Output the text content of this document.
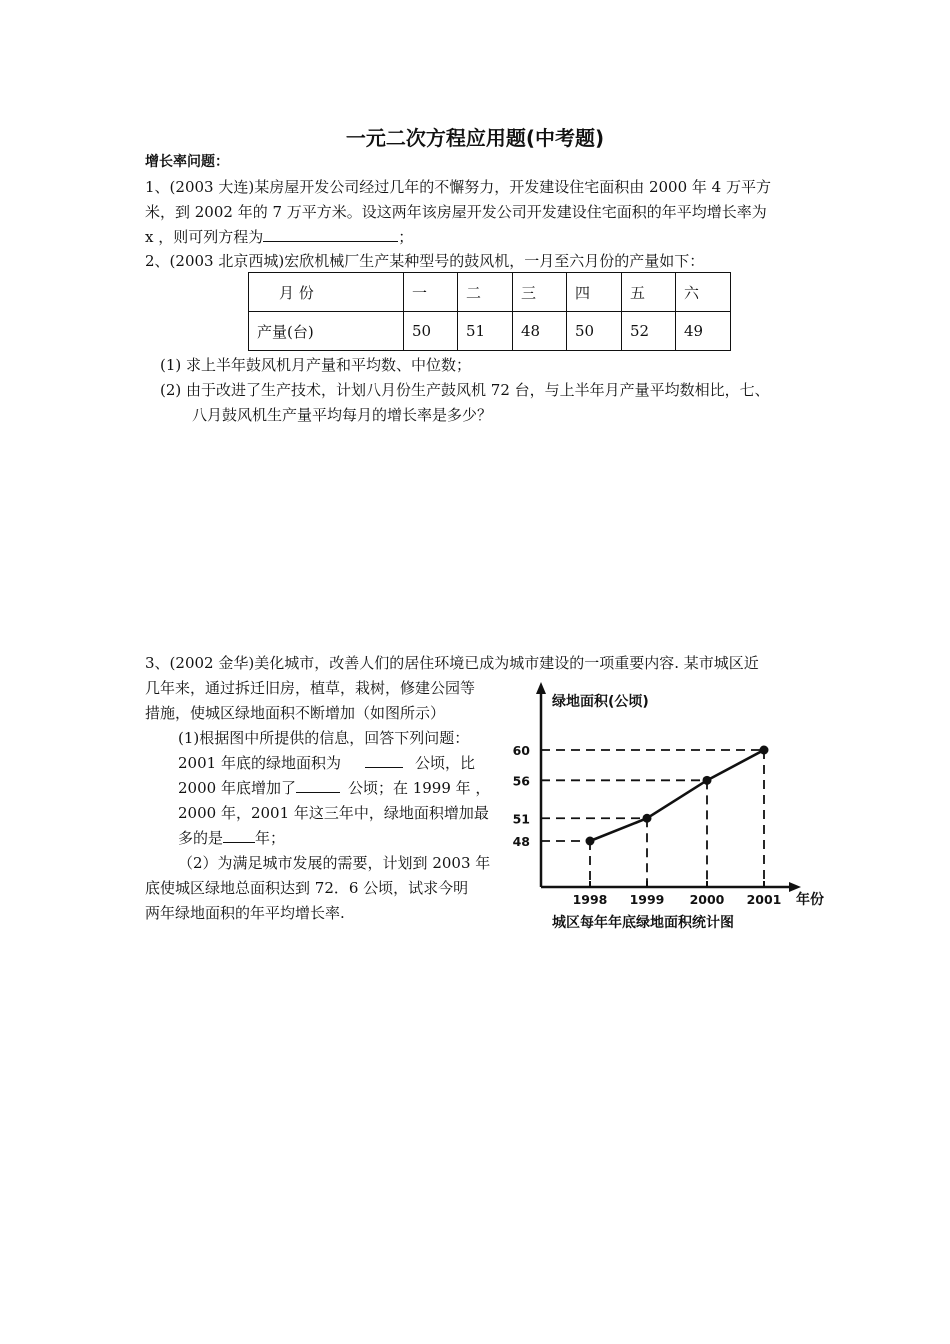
一元二次方程应用题(中考题)
增长率问题：
1、(2003 大连)某房屋开发公司经过几年的不懈努力，开发建设住宅面积由 2000 年 4 万平方
米，到 2002 年的 7 万平方米。设这两年该房屋开发公司开发建设住宅面积的年平均增长率为
x ，则可列方程为	；
2、(2003 北京西城)宏欣机械厂生产某种型号的鼓风机，一月至六月份的产量如下：
月 份	一	二	三	四	五	六
产量(台)	50	51	48	50	52	49
(1) 求上半年鼓风机月产量和平均数、中位数；
(2) 由于改进了生产技术，计划八月份生产鼓风机 72 台，与上半年月产量平均数相比，七、
八月鼓风机生产量平均每月的增长率是多少？
3、(2002 金华)美化城市，改善人们的居住环境已成为城市建设的一项重要内容. 某市城区近
几年来，通过拆迁旧房，植草，栽树，修建公园等
措施，使城区绿地面积不断增加（如图所示）
(1)根据图中所提供的信息，回答下列问题：
2001 年底的绿地面积为	公顷，比
2000 年底增加了	公顷；在 1999 年 ，
2000 年，2001 年这三年中，绿地面积增加最
多的是 年；
（2）为满足城市发展的需要，计划到 2003 年
底使城区绿地总面积达到 72．6 公顷，试求今明
两年绿地面积的年平均增长率.
60
56
51
48
1998 1999 2000 2001
绿地面积(公顷)
年份
城区每年年底绿地面积统计图
